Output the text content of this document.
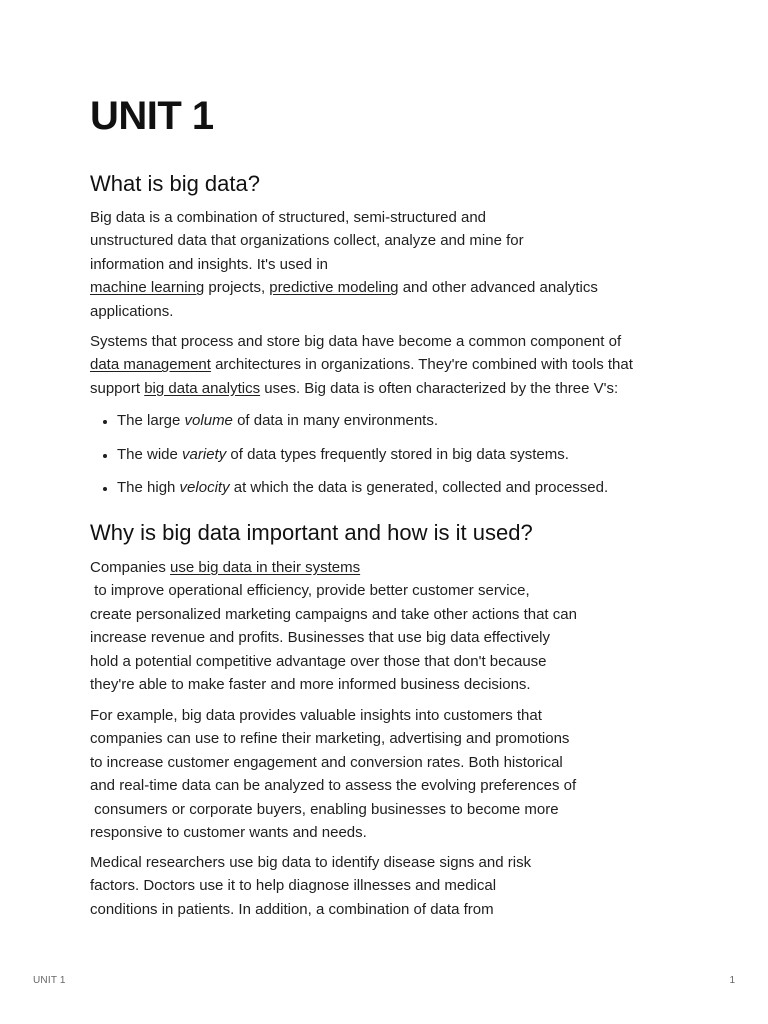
UNIT 1
What is big data?

Big data is a combination of structured, semi-structured and
unstructured data that organizations collect, analyze and mine for
information and insights. It's used in
machine learning projects, predictive modeling and other advanced analytics
applications.

Systems that process and store big data have become a common component of
data management architectures in organizations. They're combined with tools that
support big data analytics uses. Big data is often characterized by the three V's:

• The large volume of data in many environments.
• The wide variety of data types frequently stored in big data systems.
• The high velocity at which the data is generated, collected and processed.
Why is big data important and how is it used?

Companies use big data in their systems
to improve operational efficiency, provide better customer service,
create personalized marketing campaigns and take other actions that can
increase revenue and profits. Businesses that use big data effectively
hold a potential competitive advantage over those that don't because
they're able to make faster and more informed business decisions.

For example, big data provides valuable insights into customers that
companies can use to refine their marketing, advertising and promotions
to increase customer engagement and conversion rates. Both historical
and real-time data can be analyzed to assess the evolving preferences of
consumers or corporate buyers, enabling businesses to become more
responsive to customer wants and needs.

Medical researchers use big data to identify disease signs and risk
factors. Doctors use it to help diagnose illnesses and medical
conditions in patients. In addition, a combination of data from

UNIT 1	1
